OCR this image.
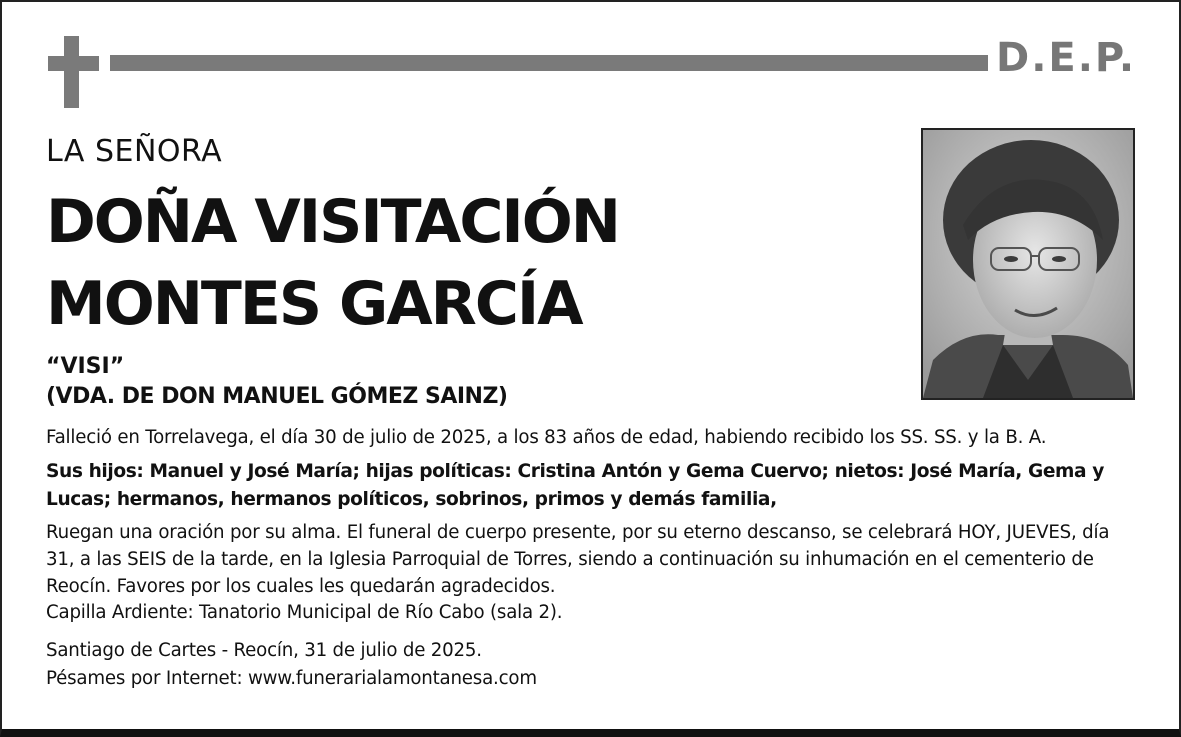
D.E.P.
LA SEÑORA
DOÑA VISITACIÓN
MONTES GARCÍA
“VISI”
(VDA. DE DON MANUEL GÓMEZ SAINZ)
Falleció en Torrelavega, el día 30 de julio de 2025, a los 83 años de edad, habiendo recibido los SS. SS. y la B. A.
Sus hijos: Manuel y José María; hijas políticas: Cristina Antón y Gema Cuervo; nietos: José María, Gema y Lucas; hermanos, hermanos políticos, sobrinos, primos y demás familia,
Ruegan una oración por su alma. El funeral de cuerpo presente, por su eterno descanso, se celebrará HOY, JUEVES, día 31, a las SEIS de la tarde, en la Iglesia Parroquial de Torres, siendo a continuación su inhumación en el cementerio de Reocín. Favores por los cuales les quedarán agradecidos.
Capilla Ardiente: Tanatorio Municipal de Río Cabo (sala 2).
Santiago de Cartes - Reocín, 31 de julio de 2025.
Pésames por Internet: www.funerarialamontanesa.com
